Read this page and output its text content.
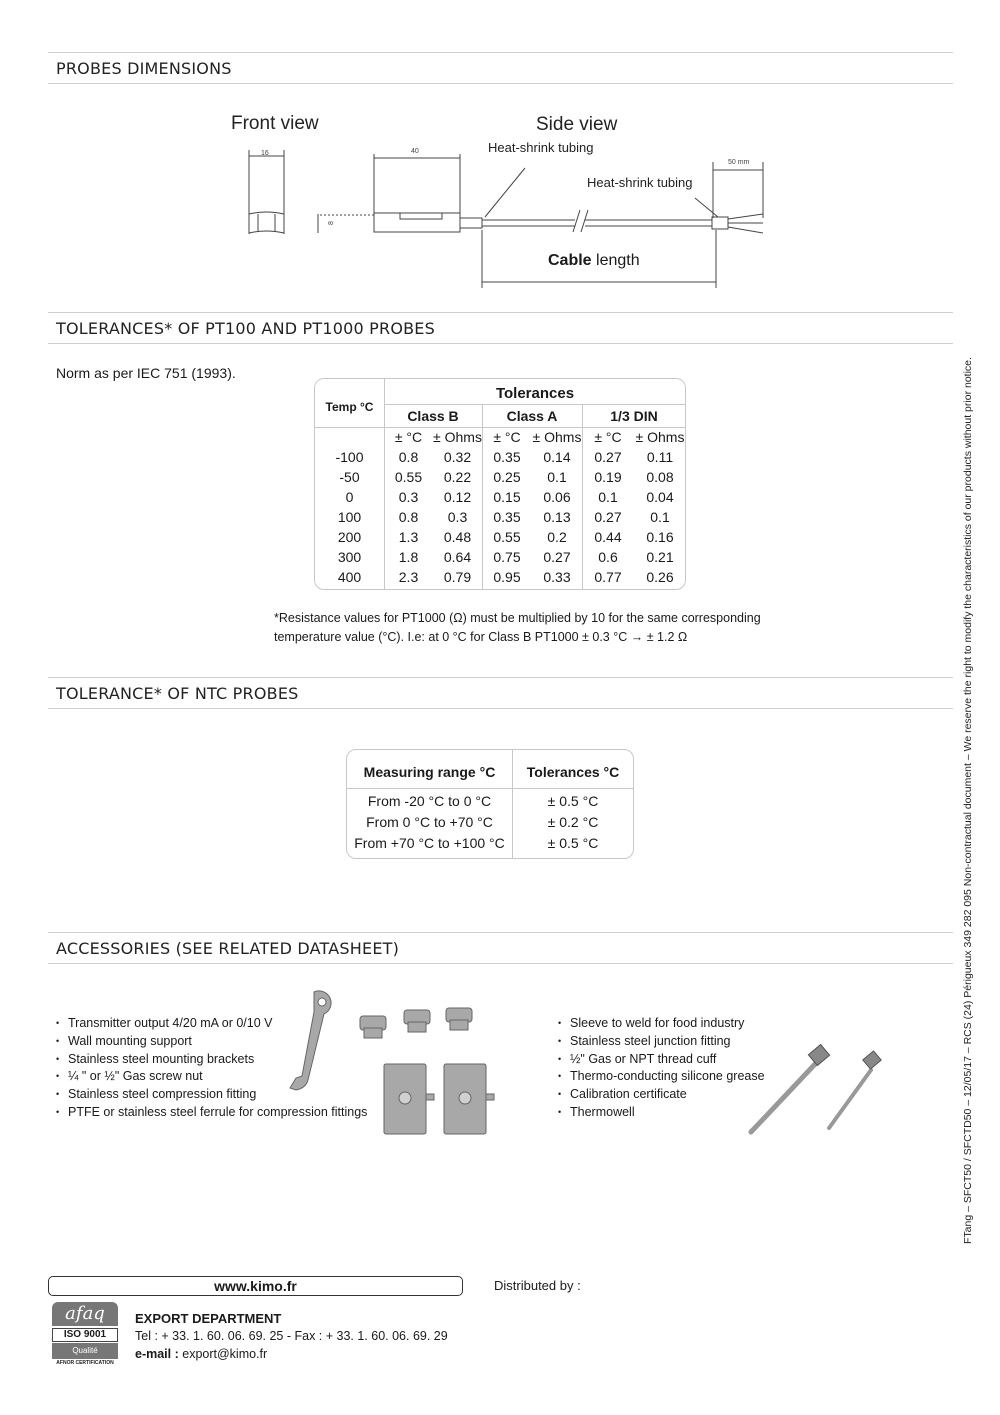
PROBES DIMENSIONS
Front view	Side view
Heat-shrink tubing
Heat-shrink tubing
16	40
8
50 mm
Cable length
TOLERANCES* OF PT100 AND PT1000 PROBES
Norm as per IEC 751 (1993).
Temp °C
Tolerances
Class B	Class A	1/3 DIN
± °C ± Ohms ± °C ± Ohms ± °C ± Ohms
-100	0.8	0.32	0.35	0.14	0.27	0.11
-50	0.55	0.22	0.25	0.1	0.19	0.08
0	0.3	0.12	0.15	0.06	0.1	0.04
100	0.8	0.3	0.35	0.13	0.27	0.1
200	1.3	0.48	0.55	0.2	0.44	0.16
300	1.8	0.64	0.75	0.27	0.6	0.21
400	2.3	0.79	0.95	0.33	0.77	0.26
*Resistance values for PT1000 (Ω) must be multiplied by 10 for the same corresponding
temperature value (°C). I.e: at 0 °C for Class B PT1000 ± 0.3 °C → ± 1.2 Ω
TOLERANCE* OF NTC PROBES
Measuring range °C	Tolerances °C
From -20 °C to 0 °C	± 0.5 °C
From 0 °C to +70 °C	± 0.2 °C
From +70 °C to +100 °C	± 0.5 °C
ACCESSORIES (SEE RELATED DATASHEET)
• Transmitter output 4/20 mA or 0/10 V
• Wall mounting support
• Stainless steel mounting brackets
• ¼ " or ½" Gas screw nut
• Stainless steel compression fitting
• PTFE or stainless steel ferrule for compression fittings
• Sleeve to weld for food industry
• Stainless steel junction fitting
• ½" Gas or NPT thread cuff
• Thermo-conducting silicone grease
• Calibration certificate
• Thermowell
www.kimo.fr	Distributed by :
afaq
ISO 9001
Qualité
AFNOR CERTIFICATION
EXPORT DEPARTMENT
Tel : + 33. 1. 60. 06. 69. 25 - Fax : + 33. 1. 60. 06. 69. 29
e-mail : export@kimo.fr
FTang – SFCT50 / SFCTD50 – 12/05/17 – RCS (24) Périgueux 349 282 095 Non-contractual document – We reserve the right to modify the characteristics of our products without prior notice.
